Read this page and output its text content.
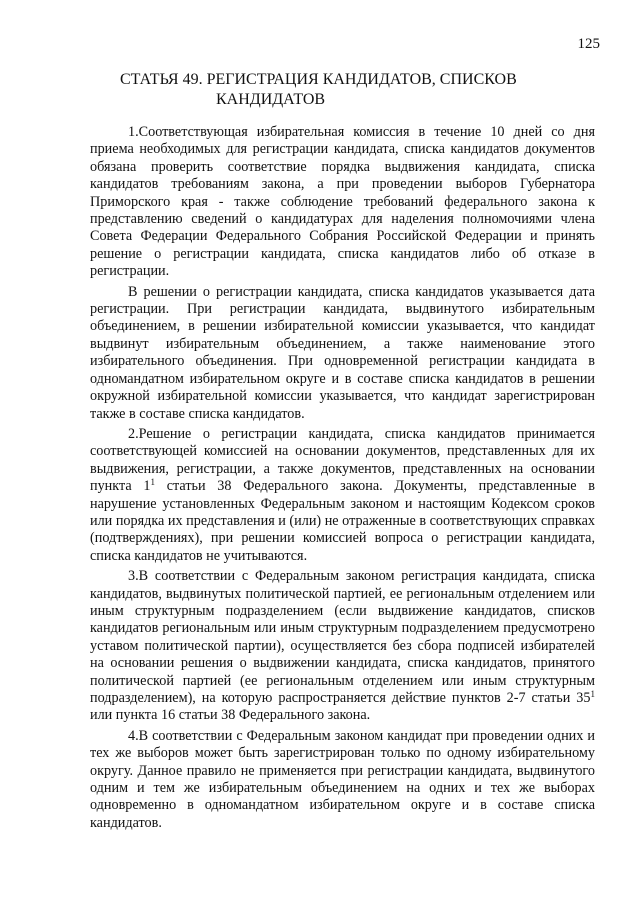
125
СТАТЬЯ 49. РЕГИСТРАЦИЯ КАНДИДАТОВ, СПИСКОВ
КАНДИДАТОВ

1.Соответствующая избирательная комиссия в течение 10 дней со дня приема необходимых для регистрации кандидата, списка кандидатов документов обязана проверить соответствие порядка выдвижения кандидата, списка кандидатов требованиям закона, а при проведении выборов Губернатора Приморского края - также соблюдение требований федерального закона к представлению сведений о кандидатурах для наделения полномочиями члена Совета Федерации Федерального Собрания Российской Федерации и принять решение о регистрации кандидата, списка кандидатов либо об отказе в регистрации.

В решении о регистрации кандидата, списка кандидатов указывается дата регистрации. При регистрации кандидата, выдвинутого избирательным объединением, в решении избирательной комиссии указывается, что кандидат выдвинут избирательным объединением, а также наименование этого избирательного объединения. При одновременной регистрации кандидата в одномандатном избирательном округе и в составе списка кандидатов в решении окружной избирательной комиссии указывается, что кандидат зарегистрирован также в составе списка кандидатов.

2.Решение о регистрации кандидата, списка кандидатов принимается соответствующей комиссией на основании документов, представленных для их выдвижения, регистрации, а также документов, представленных на основании пункта $1^1$ статьи 38 Федерального закона. Документы, представленные в нарушение установленных Федеральным законом и настоящим Кодексом сроков или порядка их представления и (или) не отраженные в соответствующих справках (подтверждениях), при решении комиссией вопроса о регистрации кандидата, списка кандидатов не учитываются.

3.В соответствии с Федеральным законом регистрация кандидата, списка кандидатов, выдвинутых политической партией, ее региональным отделением или иным структурным подразделением (если выдвижение кандидатов, списков кандидатов региональным или иным структурным подразделением предусмотрено уставом политической партии), осуществляется без сбора подписей избирателей на основании решения о выдвижении кандидата, списка кандидатов, принятого политической партией (ее региональным отделением или иным структурным подразделением), на которую распространяется действие пунктов 2-7 статьи $35^1$ или пункта 16 статьи 38 Федерального закона.

4.В соответствии с Федеральным законом кандидат при проведении одних и тех же выборов может быть зарегистрирован только по одному избирательному округу. Данное правило не применяется при регистрации кандидата, выдвинутого одним и тем же избирательным объединением на одних и тех же выборах одновременно в одномандатном избирательном округе и в составе списка кандидатов.
